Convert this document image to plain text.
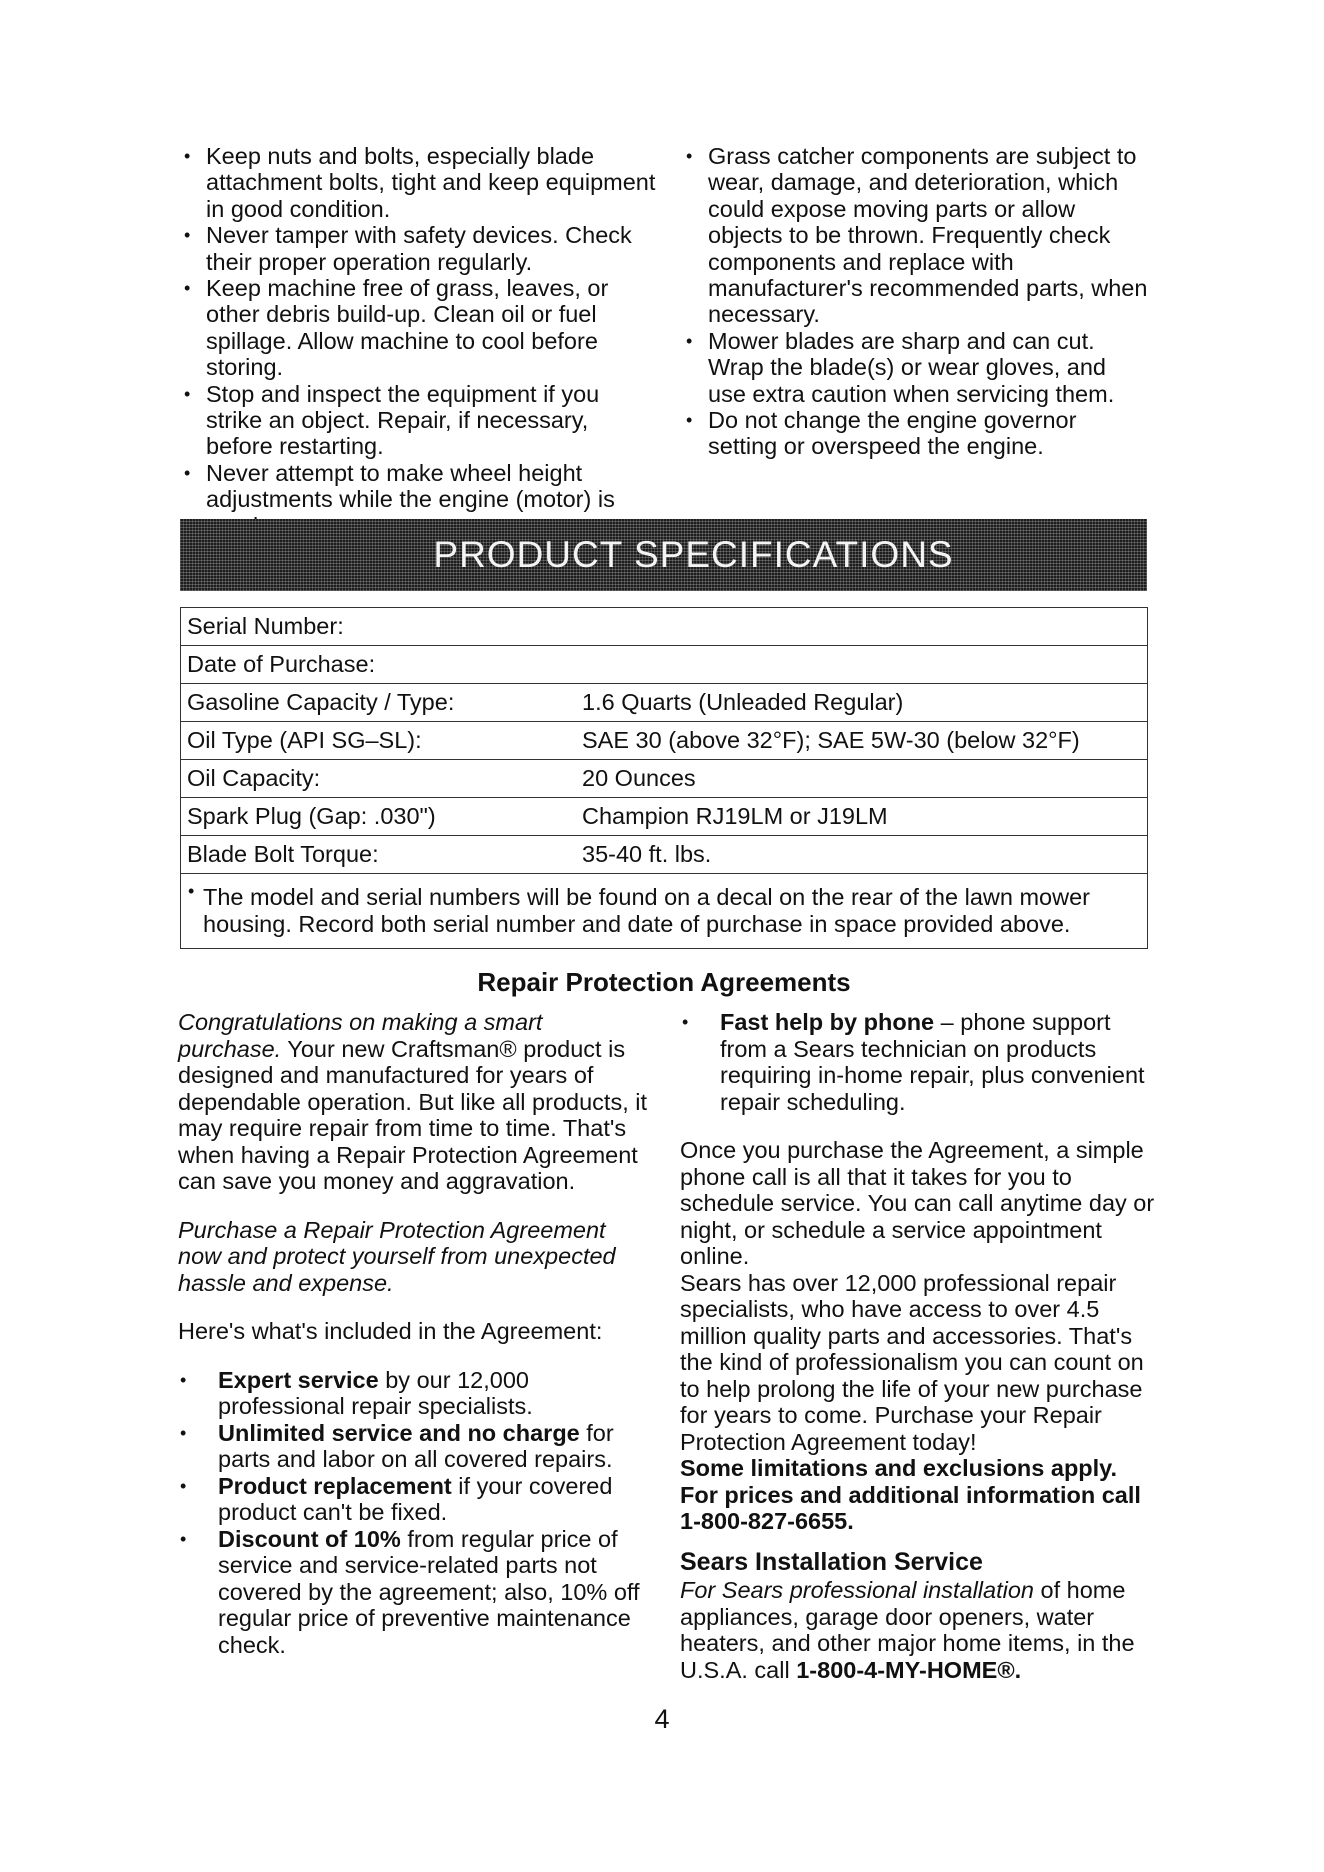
• Keep nuts and bolts, especially blade attachment bolts, tight and keep equipment in good condition.
• Never tamper with safety devices. Check their proper operation regularly.
• Keep machine free of grass, leaves, or other debris build-up. Clean oil or fuel spillage. Allow machine to cool before storing.
• Stop and inspect the equipment if you strike an object. Repair, if necessary, before restarting.
• Never attempt to make wheel height adjustments while the engine (motor) is
• Grass catcher components are subject to wear, damage, and deterioration, which could expose moving parts or allow objects to be thrown. Frequently check components and replace with manufacturer's recommended parts, when necessary.
• Mower blades are sharp and can cut. Wrap the blade(s) or wear gloves, and use extra caution when servicing them.
• Do not change the engine governor setting or overspeed the engine.
PRODUCT SPECIFICATIONS
Serial Number:	
Date of Purchase:	
Gasoline Capacity / Type:	1.6 Quarts (Unleaded Regular)
Oil Type (API SG–SL):	SAE 30 (above 32°F); SAE 5W-30 (below 32°F)
Oil Capacity:	20 Ounces
Spark Plug (Gap: .030")	Champion RJ19LM or J19LM
Blade Bolt Torque:	35-40 ft. lbs.

• The model and serial numbers will be found on a decal on the rear of the lawn mower housing. Record both serial number and date of purchase in space provided above.	
Repair Protection Agreements

Congratulations on making a smart purchase. Your new Craftsman® product is designed and manufactured for years of dependable operation. But like all products, it may require repair from time to time. That's when having a Repair Protection Agreement can save you money and aggravation.

Purchase a Repair Protection Agreement now and protect yourself from unexpected hassle and expense.

Here's what's included in the Agreement:

• Expert service by our 12,000 professional repair specialists.
• Unlimited service and no charge for parts and labor on all covered repairs.
• Product replacement if your covered product can't be fixed.
• Discount of 10% from regular price of service and service-related parts not covered by the agreement; also, 10% off regular price of preventive maintenance check.
• Fast help by phone – phone support from a Sears technician on products requiring in-home repair, plus convenient repair scheduling.

Once you purchase the Agreement, a simple phone call is all that it takes for you to schedule service. You can call anytime day or night, or schedule a service appointment online.

Sears has over 12,000 professional repair specialists, who have access to over 4.5 million quality parts and accessories. That's the kind of professionalism you can count on to help prolong the life of your new purchase for years to come. Purchase your Repair Protection Agreement today!

Some limitations and exclusions apply. For prices and additional information call 1-800-827-6655.

Sears Installation Service

For Sears professional installation of home appliances, garage door openers, water heaters, and other major home items, in the U.S.A. call 1-800-4-MY-HOME®.

4
